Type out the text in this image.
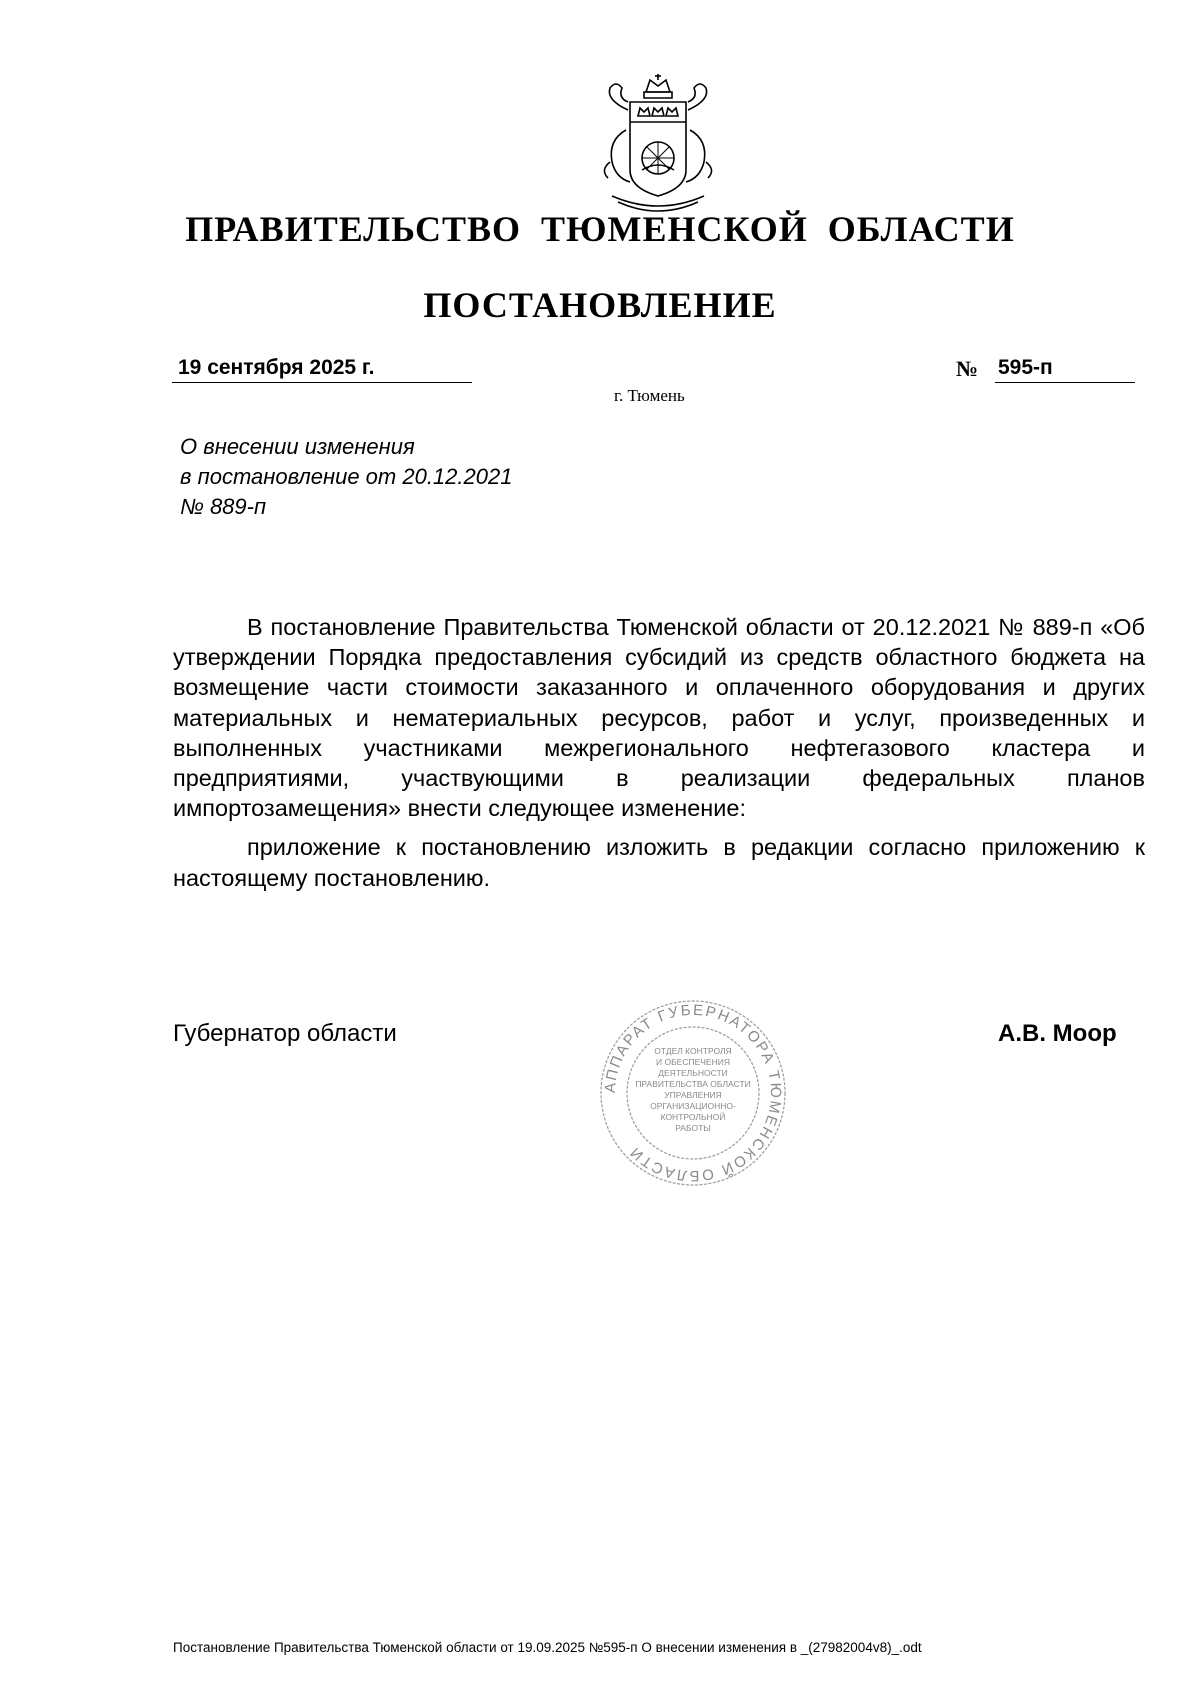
ПРАВИТЕЛЬСТВО ТЮМЕНСКОЙ ОБЛАСТИ
ПОСТАНОВЛЕНИЕ
19 сентября 2025 г.	№ 595-п
г. Тюмень
О внесении изменения
в постановление от 20.12.2021
№ 889-п

В постановление Правительства Тюменской области от 20.12.2021 № 889-п «Об утверждении Порядка предоставления субсидий из средств областного бюджета на возмещение части стоимости заказанного и оплаченного оборудования и других материальных и нематериальных ресурсов, работ и услуг, произведенных и выполненных участниками межрегионального нефтегазового кластера и предприятиями, участвующими в реализации федеральных планов импортозамещения» внести следующее изменение:

приложение к постановлению изложить в редакции согласно приложению к настоящему постановлению.

Губернатор области
АППАРАТ ГУБЕРНАТОРА ТЮМЕНСКОЙ ОБЛАСТИ
ОТДЕЛ КОНТРОЛЯ
И ОБЕСПЕЧЕНИЯ
ДЕЯТЕЛЬНОСТИ
ПРАВИТЕЛЬСТВА ОБЛАСТИ
УПРАВЛЕНИЯ
ОРГАНИЗАЦИОННО-
КОНТРОЛЬНОЙ
РАБОТЫ
А.В. Моор
Постановление Правительства Тюменской области от 19.09.2025 №595-п О внесении изменения в _(27982004v8)_.odt
